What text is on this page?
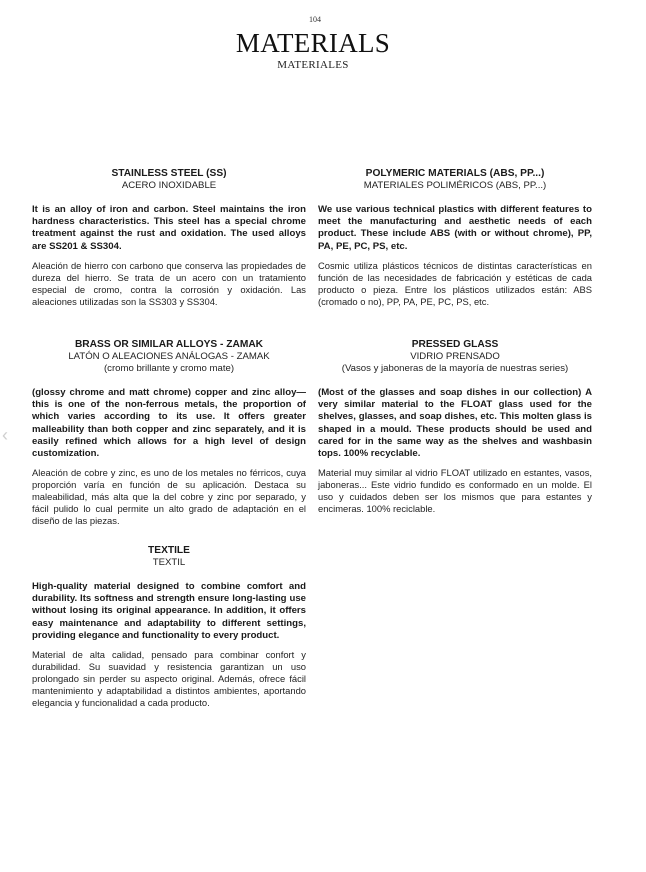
104
MATERIALS
MATERIALES
‹

STAINLESS STEEL (SS)

ACERO INOXIDABLE

It is an alloy of iron and carbon. Steel maintains the iron hardness characteristics. This steel has a special chrome treatment against the rust and oxidation. The used alloys are SS201 & SS304.

Aleación de hierro con carbono que conserva las propiedades de dureza del hierro. Se trata de un acero con un tratamiento especial de cromo, contra la corrosión y oxidación. Las aleaciones utilizadas son la SS303 y SS304.

POLYMERIC MATERIALS (ABS, PP...)

MATERIALES POLIMÉRICOS (ABS, PP...)

We use various technical plastics with different features to meet the manufacturing and aesthetic needs of each product. These include ABS (with or without chrome), PP, PA, PE, PC, PS, etc.

Cosmic utiliza plásticos técnicos de distintas características en función de las necesidades de fabricación y estéticas de cada producto o pieza. Entre los plásticos utilizados están: ABS (cromado o no), PP, PA, PE, PC, PS, etc.

BRASS OR SIMILAR ALLOYS - ZAMAK

LATÓN O ALEACIONES ANÁLOGAS - ZAMAK

(cromo brillante y cromo mate)

(glossy chrome and matt chrome) copper and zinc alloy— this is one of the non-ferrous metals, the proportion of which varies according to its use. It offers greater malleability than both copper and zinc separately, and it is easily refined which allows for a high level of design customization.

Aleación de cobre y zinc, es uno de los metales no férricos, cuya proporción varía en función de su aplicación. Destaca su maleabilidad, más alta que la del cobre y zinc por separado, y fácil pulido lo cual permite un alto grado de adaptación en el diseño de las piezas.

PRESSED GLASS

VIDRIO PRENSADO

(Vasos y jaboneras de la mayoría de nuestras series)

(Most of the glasses and soap dishes in our collection) A very similar material to the FLOAT glass used for the shelves, glasses, and soap dishes, etc. This molten glass is shaped in a mould. These products should be used and cared for in the same way as the shelves and washbasin tops. 100% recyclable.

Material muy similar al vidrio FLOAT utilizado en estantes, vasos, jaboneras... Este vidrio fundido es conformado en un molde. El uso y cuidados deben ser los mismos que para estantes y encimeras. 100% reciclable.

TEXTILE

TEXTIL

High-quality material designed to combine comfort and durability. Its softness and strength ensure long-lasting use without losing its original appearance. In addition, it offers easy maintenance and adaptability to different settings, providing elegance and functionality to every product.

Material de alta calidad, pensado para combinar confort y durabilidad. Su suavidad y resistencia garantizan un uso prolongado sin perder su aspecto original. Además, ofrece fácil mantenimiento y adaptabilidad a distintos ambientes, aportando elegancia y funcionalidad a cada producto.
